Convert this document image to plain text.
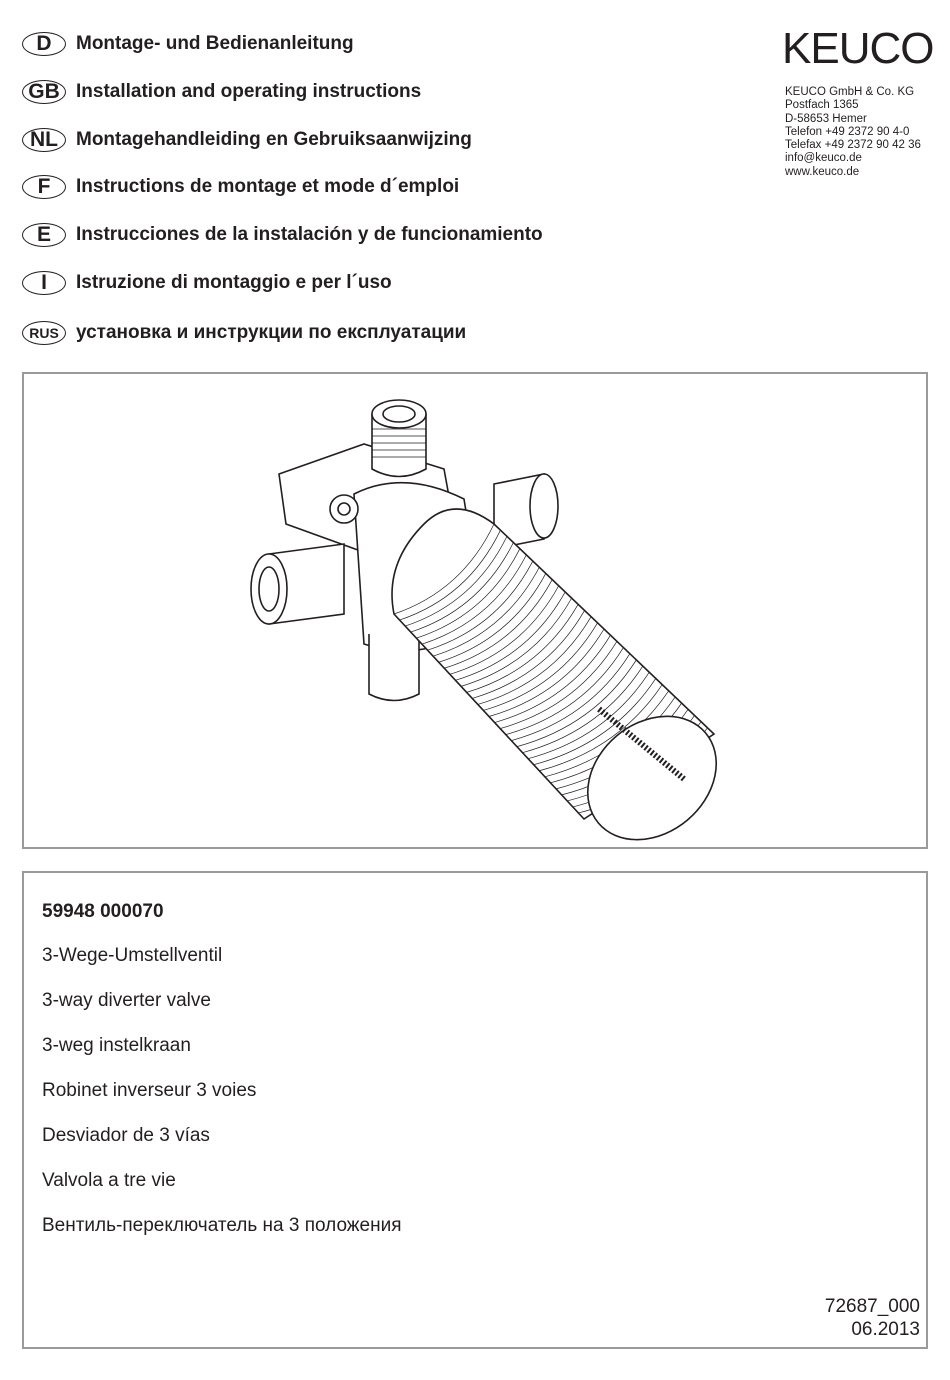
D	Montage- und Bedienanleitung
GB Installation and operating instructions
NL Montagehandleiding en Gebruiksaanwijzing
F	Instructions de montage et mode d´emploi
E	Instrucciones de la instalación y de funcionamiento
I	Istruzione di montaggio e per l´uso
RUS установка и инструкции по експлуатации
KEUCO
KEUCO GmbH & Co. KG
Postfach 1365
D-58653 Hemer
Telefon +49 2372 90 4-0
Telefax +49 2372 90 42 36
info@keuco.de
www.keuco.de
59948 000070
3-Wege-Umstellventil
3-way diverter valve
3-weg instelkraan
Robinet inverseur 3 voies
Desviador de 3 vías
Valvola a tre vie
Вентиль-переключатель на 3 положения
72687_000
06.2013
